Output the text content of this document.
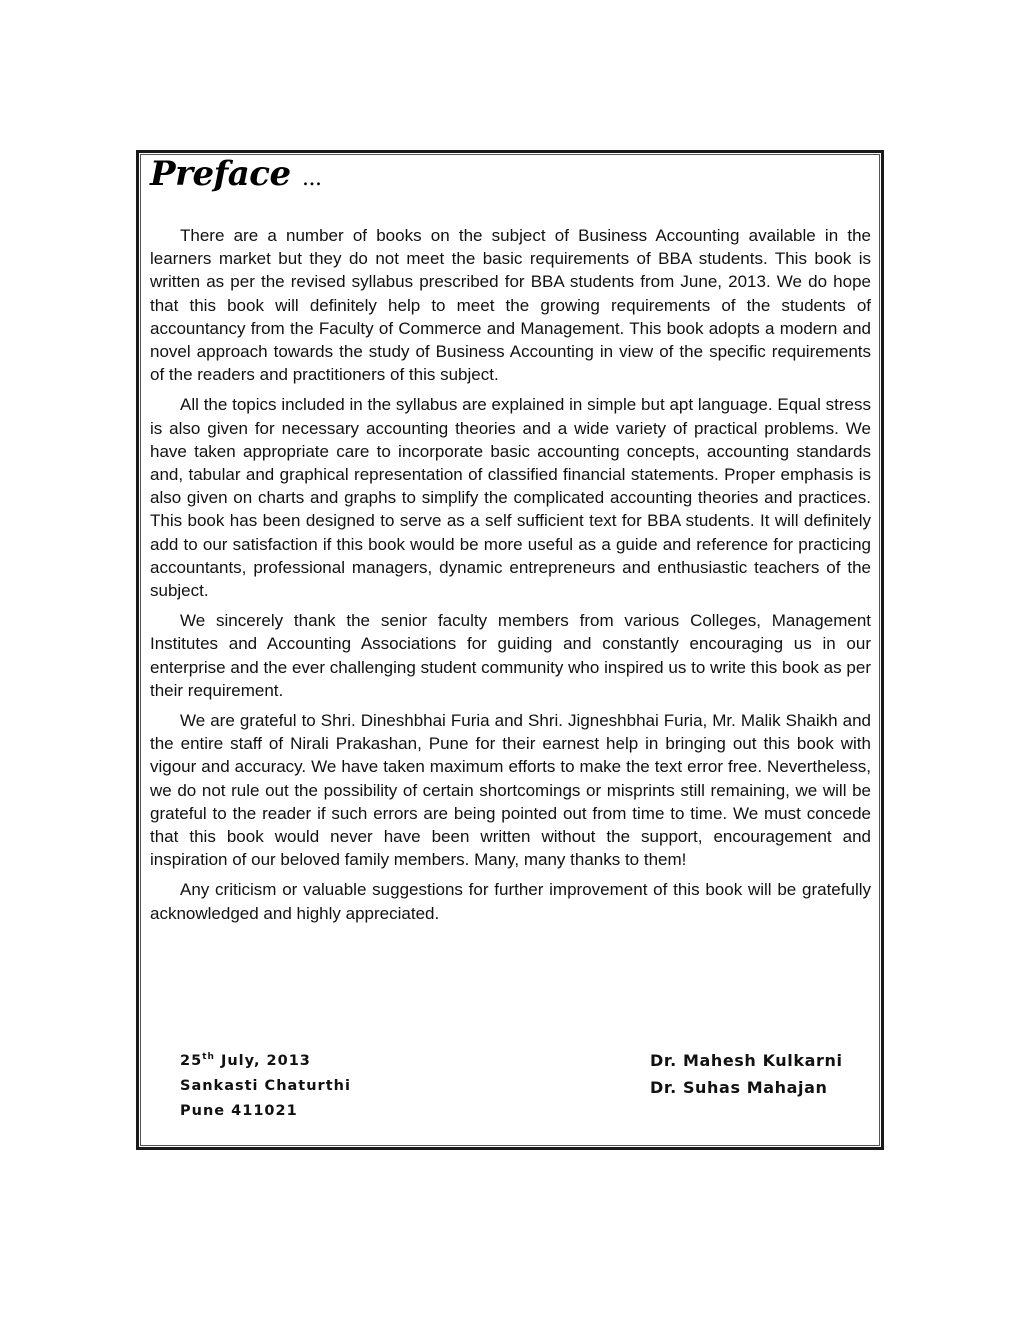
Preface ...

There are a number of books on the subject of Business Accounting available in the learners market but they do not meet the basic requirements of BBA students. This book is written as per the revised syllabus prescribed for BBA students from June, 2013. We do hope that this book will definitely help to meet the growing requirements of the students of accountancy from the Faculty of Commerce and Management. This book adopts a modern and novel approach towards the study of Business Accounting in view of the specific requirements of the readers and practitioners of this subject.

All the topics included in the syllabus are explained in simple but apt language. Equal stress is also given for necessary accounting theories and a wide variety of practical problems. We have taken appropriate care to incorporate basic accounting concepts, accounting standards and, tabular and graphical representation of classified financial statements. Proper emphasis is also given on charts and graphs to simplify the complicated accounting theories and practices. This book has been designed to serve as a self sufficient text for BBA students. It will definitely add to our satisfaction if this book would be more useful as a guide and reference for practicing accountants, professional managers, dynamic entrepreneurs and enthusiastic teachers of the subject.

We sincerely thank the senior faculty members from various Colleges, Management Institutes and Accounting Associations for guiding and constantly encouraging us in our enterprise and the ever challenging student community who inspired us to write this book as per their requirement.

We are grateful to Shri. Dineshbhai Furia and Shri. Jigneshbhai Furia, Mr. Malik Shaikh and the entire staff of Nirali Prakashan, Pune for their earnest help in bringing out this book with vigour and accuracy. We have taken maximum efforts to make the text error free. Nevertheless, we do not rule out the possibility of certain shortcomings or misprints still remaining, we will be grateful to the reader if such errors are being pointed out from time to time. We must concede that this book would never have been written without the support, encouragement and inspiration of our beloved family members. Many, many thanks to them!

Any criticism or valuable suggestions for further improvement of this book will be gratefully acknowledged and highly appreciated.

25th July, 2013
Sankasti Chaturthi
Pune 411021
Dr. Mahesh Kulkarni
Dr. Suhas Mahajan
